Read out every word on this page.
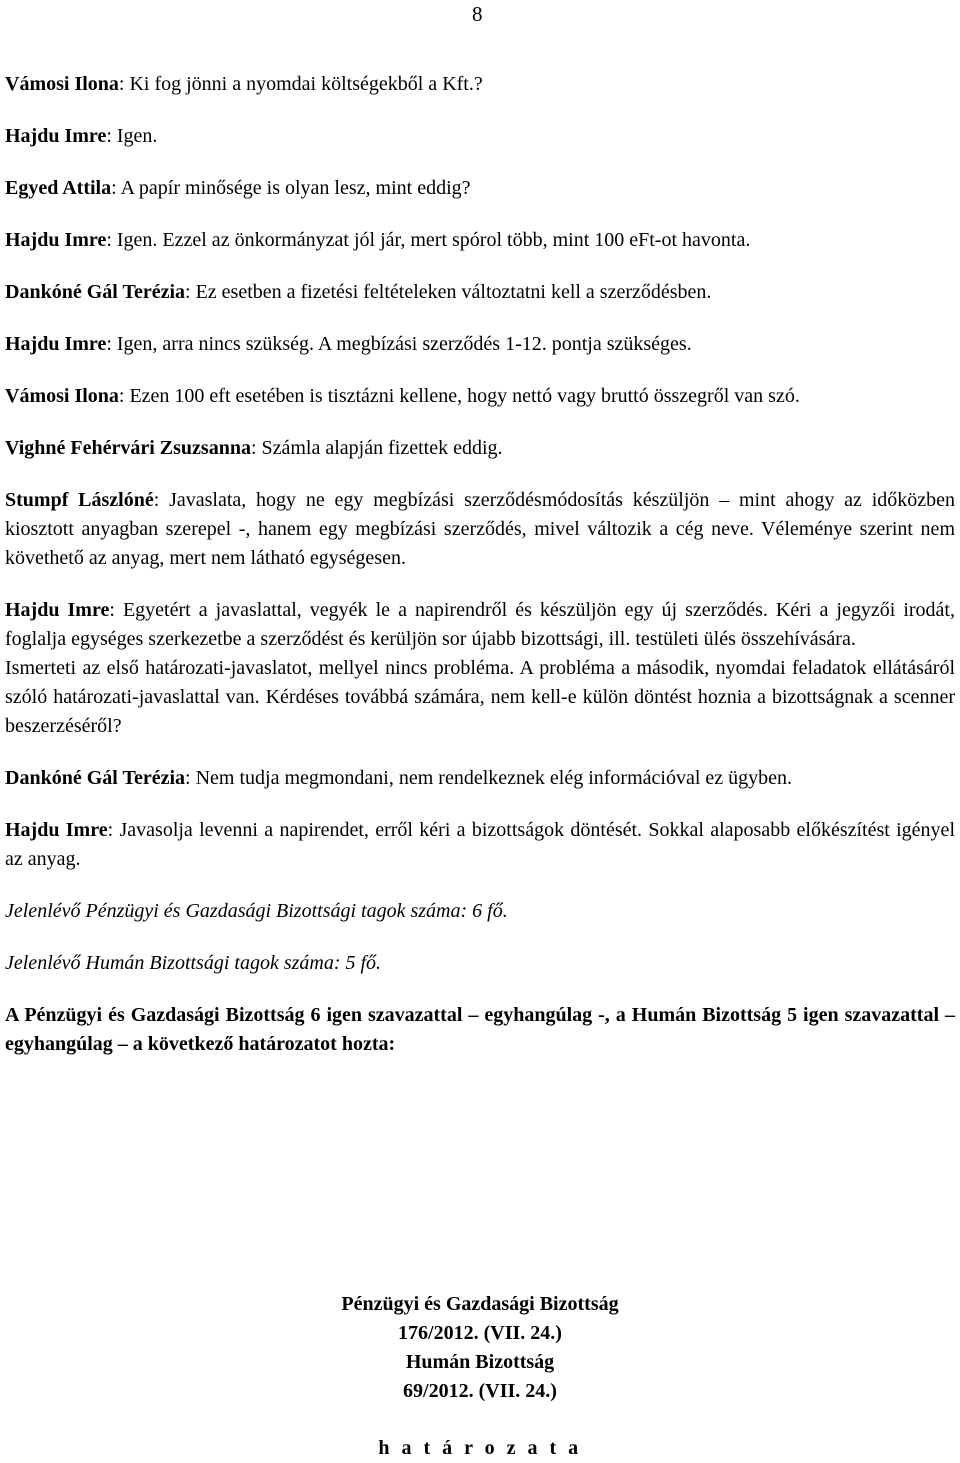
8

Vámosi Ilona: Ki fog jönni a nyomdai költségekből a Kft.?

Hajdu Imre: Igen.

Egyed Attila: A papír minősége is olyan lesz, mint eddig?

Hajdu Imre: Igen. Ezzel az önkormányzat jól jár, mert spórol több, mint 100 eFt-ot havonta.

Dankóné Gál Terézia: Ez esetben a fizetési feltételeken változtatni kell a szerződésben.

Hajdu Imre: Igen, arra nincs szükség. A megbízási szerződés 1-12. pontja szükséges.

Vámosi Ilona: Ezen 100 eft esetében is tisztázni kellene, hogy nettó vagy bruttó összegről van szó.

Vighné Fehérvári Zsuzsanna: Számla alapján fizettek eddig.

Stumpf Lászlóné: Javaslata, hogy ne egy megbízási szerződésmódosítás készüljön – mint ahogy az időközben kiosztott anyagban szerepel -, hanem egy megbízási szerződés, mivel változik a cég neve. Véleménye szerint nem követhető az anyag, mert nem látható egységesen.

Hajdu Imre: Egyetért a javaslattal, vegyék le a napirendről és készüljön egy új szerződés. Kéri a jegyzői irodát, foglalja egységes szerkezetbe a szerződést és kerüljön sor újabb bizottsági, ill. testületi ülés összehívására.

Ismerteti az első határozati-javaslatot, mellyel nincs probléma. A probléma a második, nyomdai feladatok ellátásáról szóló határozati-javaslattal van. Kérdéses továbbá számára, nem kell-e külön döntést hoznia a bizottságnak a scenner beszerzéséről?

Dankóné Gál Terézia: Nem tudja megmondani, nem rendelkeznek elég információval ez ügyben.

Hajdu Imre: Javasolja levenni a napirendet, erről kéri a bizottságok döntését. Sokkal alaposabb előkészítést igényel az anyag.

Jelenlévő Pénzügyi és Gazdasági Bizottsági tagok száma: 6 fő.

Jelenlévő Humán Bizottsági tagok száma: 5 fő.

A Pénzügyi és Gazdasági Bizottság 6 igen szavazattal – egyhangúlag -, a Humán Bizottság 5 igen szavazattal – egyhangúlag – a következő határozatot hozta:

Pénzügyi és Gazdasági Bizottság

176/2012. (VII. 24.)

Humán Bizottság

69/2012. (VII. 24.)

h a t á r o z a t a
